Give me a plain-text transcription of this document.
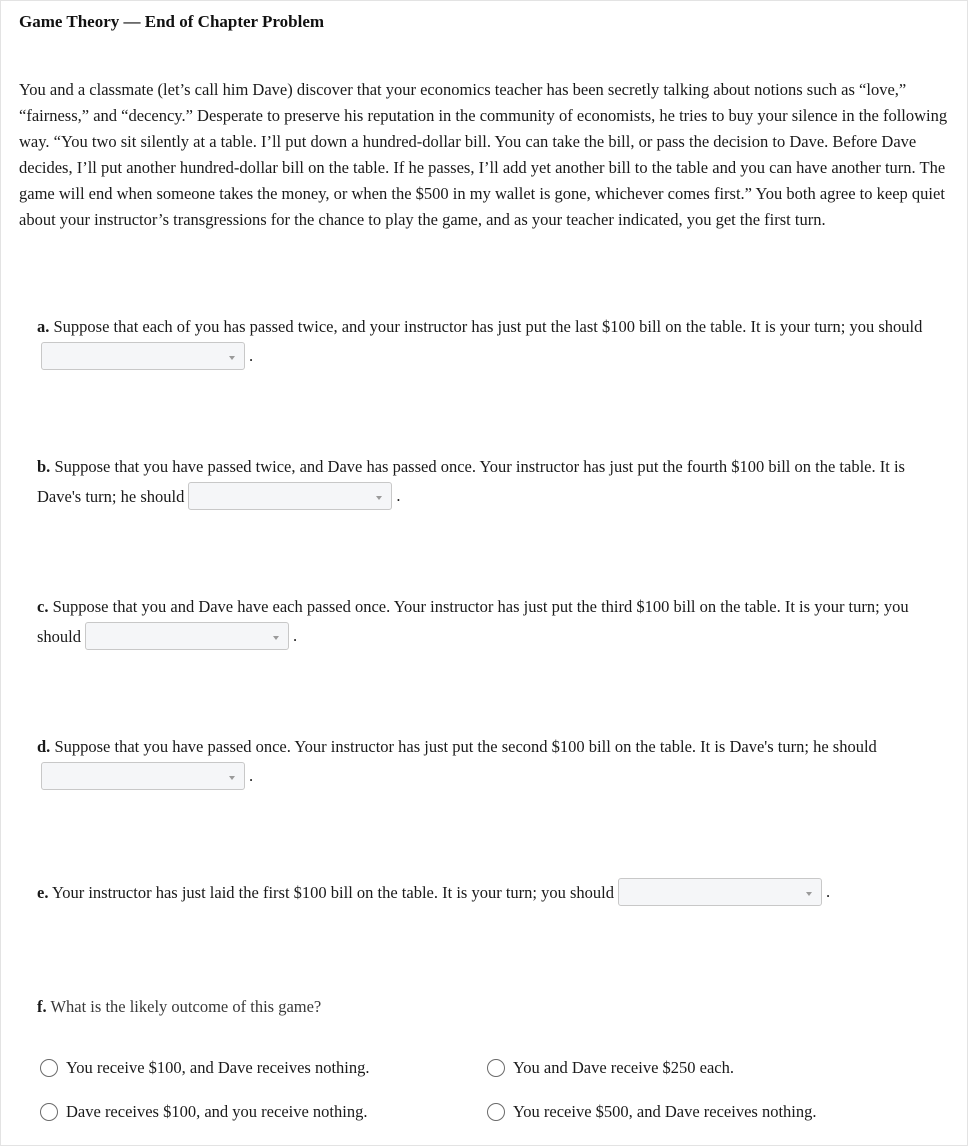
Game Theory — End of Chapter Problem
You and a classmate (let’s call him Dave) discover that your economics teacher has been secretly talking about notions such as “love,” “fairness,” and “decency.” Desperate to preserve his reputation in the community of economists, he tries to buy your silence in the following way. “You two sit silently at a table. I’ll put down a hundred-dollar bill. You can take the bill, or pass the decision to Dave. Before Dave decides, I’ll put another hundred-dollar bill on the table. If he passes, I’ll add yet another bill to the table and you can have another turn. The game will end when someone takes the money, or when the $500 in my wallet is gone, whichever comes first.” You both agree to keep quiet about your instructor’s transgressions for the chance to play the game, and as your teacher indicated, you get the first turn.
a. Suppose that each of you has passed twice, and your instructor has just put the last $100 bill on the table. It is your turn; you should
.
b. Suppose that you have passed twice, and Dave has passed once. Your instructor has just put the fourth $100 bill on the table. It is Dave's turn; he should	.
c. Suppose that you and Dave have each passed once. Your instructor has just put the third $100 bill on the table. It is your turn; you should	.
d. Suppose that you have passed once. Your instructor has just put the second $100 bill on the table. It is Dave's turn; he should
.
e. Your instructor has just laid the first $100 bill on the table. It is your turn; you should	.
f. What is the likely outcome of this game?
You receive $100, and Dave receives nothing.	You and Dave receive $250 each.
Dave receives $100, and you receive nothing.	You receive $500, and Dave receives nothing.
